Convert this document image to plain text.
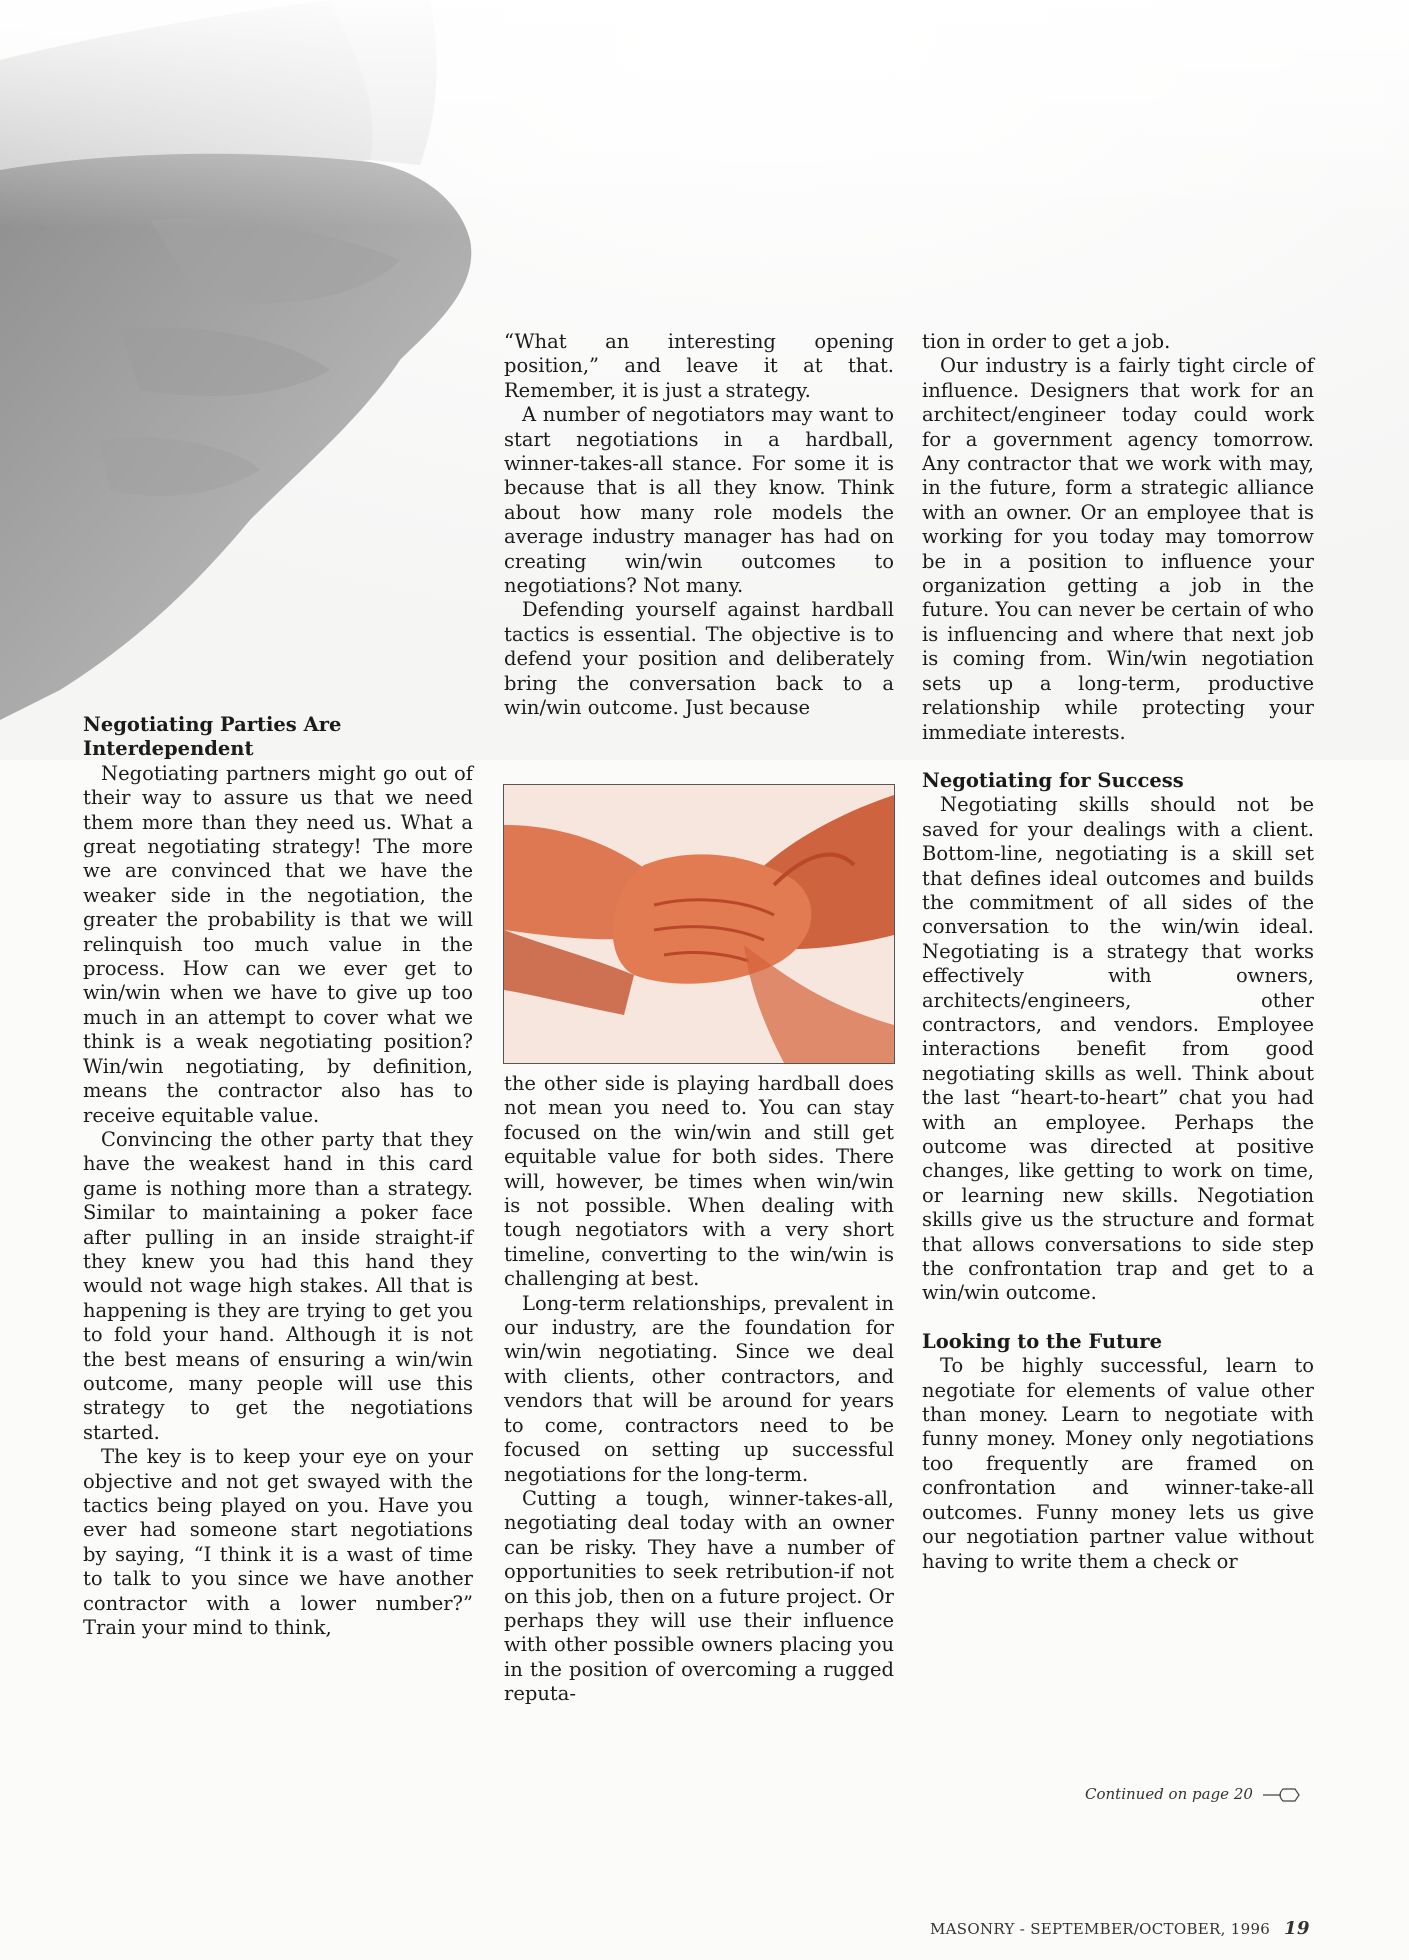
Negotiating Parties Are Interdependent

Negotiating partners might go out of their way to assure us that we need them more than they need us. What a great negotiating strategy! The more we are convinced that we have the weaker side in the negotiation, the greater the probability is that we will relinquish too much value in the process. How can we ever get to win/win when we have to give up too much in an attempt to cover what we think is a weak negotiating position? Win/win negotiating, by definition, means the contractor also has to receive equitable value.

Convincing the other party that they have the weakest hand in this card game is nothing more than a strategy. Similar to maintaining a poker face after pulling in an inside straight-if they knew you had this hand they would not wage high stakes. All that is happening is they are trying to get you to fold your hand. Although it is not the best means of ensuring a win/win outcome, many people will use this strategy to get the negotiations started.

The key is to keep your eye on your objective and not get swayed with the tactics being played on you. Have you ever had someone start negotiations by saying, “I think it is a wast of time to talk to you since we have another contractor with a lower number?” Train your mind to think,

“What an interesting opening position,” and leave it at that. Remember, it is just a strategy.

A number of negotiators may want to start negotiations in a hardball, winner-takes-all stance. For some it is because that is all they know. Think about how many role models the average industry manager has had on creating win/win outcomes to negotiations? Not many.

Defending yourself against hardball tactics is essential. The objective is to defend your position and deliberately bring the conversation back to a win/win outcome. Just because

the other side is playing hardball does not mean you need to. You can stay focused on the win/win and still get equitable value for both sides. There will, however, be times when win/win is not possible. When dealing with tough negotiators with a very short timeline, converting to the win/win is challenging at best.

Long-term relationships, prevalent in our industry, are the foundation for win/win negotiating. Since we deal with clients, other contractors, and vendors that will be around for years to come, contractors need to be focused on setting up successful negotiations for the long-term.

Cutting a tough, winner-takes-all, negotiating deal today with an owner can be risky. They have a number of opportunities to seek retribution-if not on this job, then on a future project. Or perhaps they will use their influence with other possible owners placing you in the position of overcoming a rugged reputa-

tion in order to get a job.

Our industry is a fairly tight circle of influence. Designers that work for an architect/engineer today could work for a government agency tomorrow. Any contractor that we work with may, in the future, form a strategic alliance with an owner. Or an employee that is working for you today may tomorrow be in a position to influence your organization getting a job in the future. You can never be certain of who is influencing and where that next job is coming from. Win/win negotiation sets up a long-term, productive relationship while protecting your immediate interests.

Negotiating for Success

Negotiating skills should not be saved for your dealings with a client. Bottom-line, negotiating is a skill set that defines ideal outcomes and builds the commitment of all sides of the conversation to the win/win ideal. Negotiating is a strategy that works effectively with owners, architects/engineers, other contractors, and vendors. Employee interactions benefit from good negotiating skills as well. Think about the last “heart-to-heart” chat you had with an employee. Perhaps the outcome was directed at positive changes, like getting to work on time, or learning new skills. Negotiation skills give us the structure and format that allows conversations to side step the confrontation trap and get to a win/win outcome.

Looking to the Future

To be highly successful, learn to negotiate for elements of value other than money. Learn to negotiate with funny money. Money only negotiations too frequently are framed on confrontation and winner-take-all outcomes. Funny money lets us give our negotiation partner value without having to write them a check or

Continued on page 20
MASONRY - SEPTEMBER/OCTOBER, 1996 19
